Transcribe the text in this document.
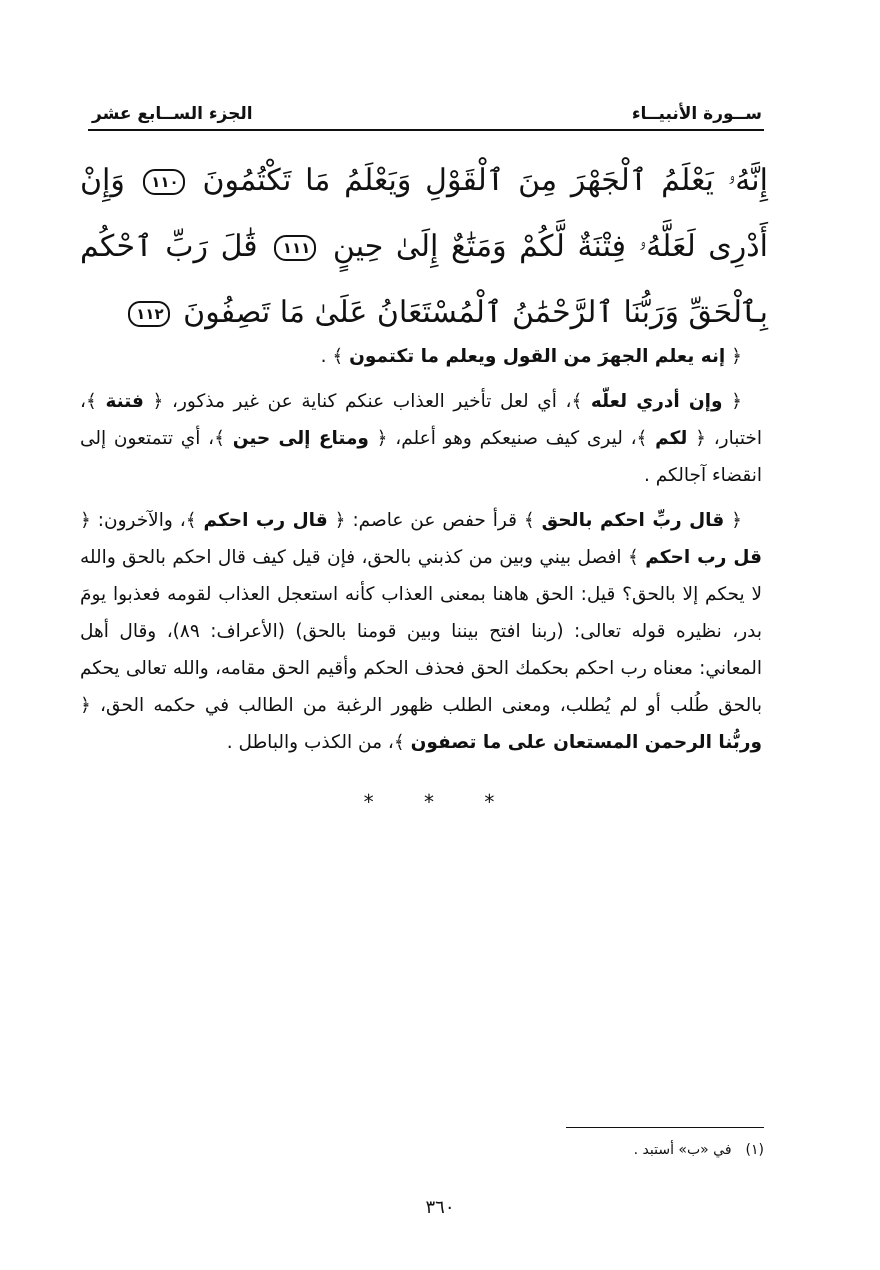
ســورة الأنبيــاء
الجزء الســابع عشر
إِنَّهُۥ يَعْلَمُ ٱلْجَهْرَ مِنَ ٱلْقَوْلِ وَيَعْلَمُ مَا تَكْتُمُونَ ١١٠ وَإِنْ أَدْرِى لَعَلَّهُۥ فِتْنَةٌ لَّكُمْ وَمَتَٰعٌ إِلَىٰ حِينٍ ١١١ قَٰلَ رَبِّ ٱحْكُم بِٱلْحَقِّ وَرَبُّنَا ٱلرَّحْمَٰنُ ٱلْمُسْتَعَانُ عَلَىٰ مَا تَصِفُونَ ١١٢

﴿ إنه يعلم الجهرَ من القول ويعلم ما تكتمون ﴾ .

﴿ وإن أدري لعلّه ﴾، أي لعل تأخير العذاب عنكم كناية عن غير مذكور، ﴿ فتنة ﴾، اختبار، ﴿ لكم ﴾، ليرى كيف صنيعكم وهو أعلم، ﴿ ومتاع إلى حين ﴾، أي تتمتعون إلى انقضاء آجالكم .

﴿ قال ربِّ احكم بالحق ﴾ قرأ حفص عن عاصم: ﴿ قال رب احكم ﴾، والآخرون: ﴿ قل رب احكم ﴾ افصل بيني وبين من كذبني بالحق، فإن قيل كيف قال احكم بالحق والله لا يحكم إلا بالحق؟ قيل: الحق هاهنا بمعنى العذاب كأنه استعجل العذاب لقومه فعذبوا يومَ بدر، نظيره قوله تعالى: (ربنا افتح بيننا وبين قومنا بالحق) (الأعراف: ٨٩)، وقال أهل المعاني: معناه رب احكم بحكمك الحق فحذف الحكم وأقيم الحق مقامه، والله تعالى يحكم بالحق طُلب أو لم يُطلب، ومعنى الطلب ظهور الرغبة من الطالب في حكمه الحق، ﴿ وربُّنا الرحمن المستعان على ما تصفون ﴾، من الكذب والباطل .

* * *
(١)
في «ب» أستبد .
٣٦٠
